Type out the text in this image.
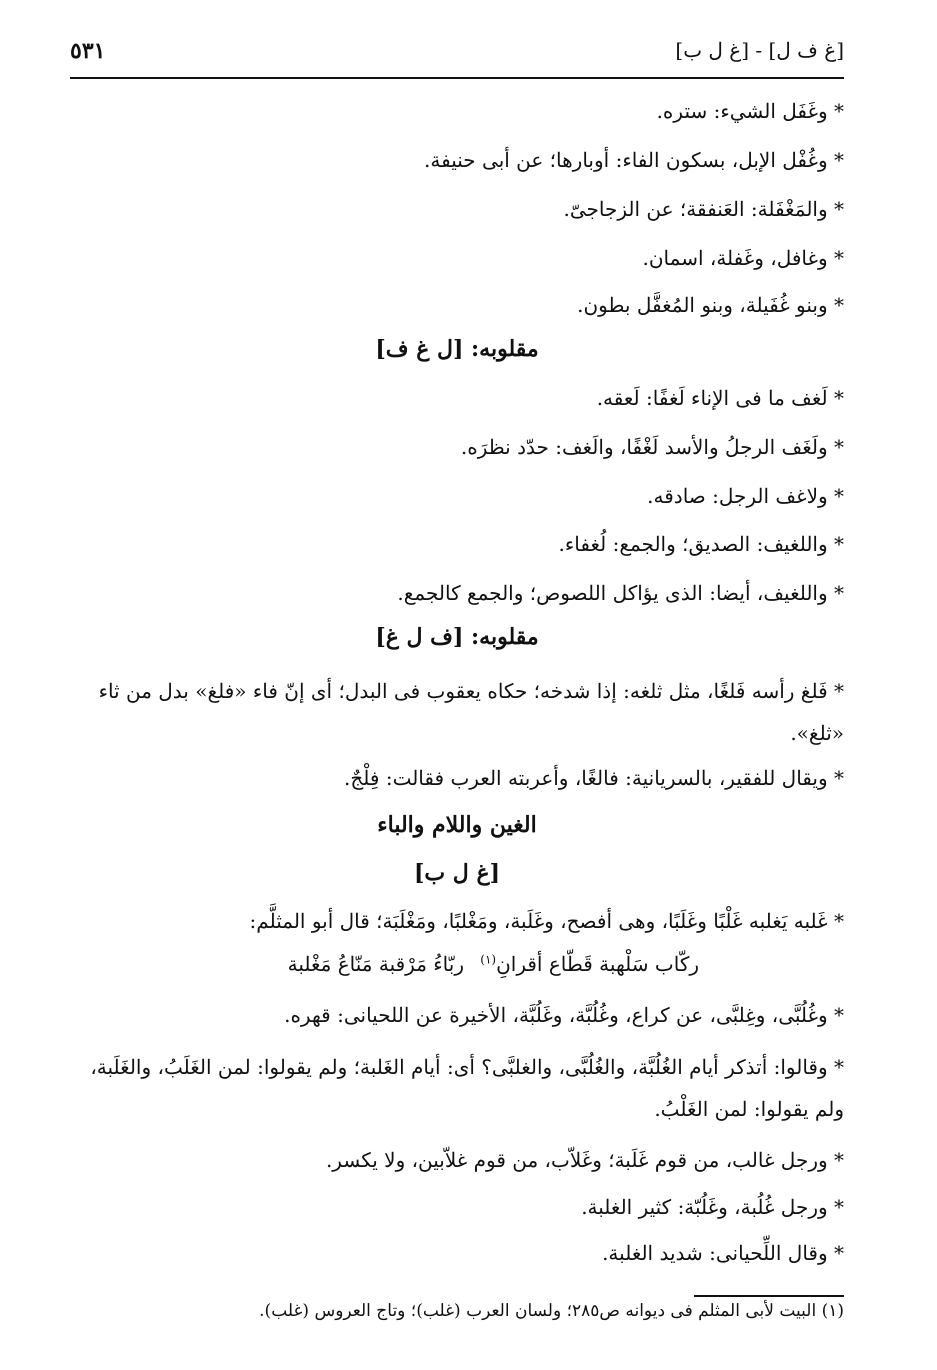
[غ ف ل] - [غ ل ب]
٥٣١
* وغَفَل الشيء: ستره.
* وغُفْل الإبل، بسكون الفاء: أوبارها؛ عن أبى حنيفة.
* والمَغْفَلة: العَنفقة؛ عن الزجاجىّ.
* وغافل، وغَفلة، اسمان.
* وبنو غُفَيلة، وبنو المُغفَّل بطون.
مقلوبه: [ل غ ف]
* لَغف ما فى الإناء لَغفًا: لَعقه.
* ولَغَف الرجلُ والأسد لَغْفًا، والَغف: حدّد نظرَه.
* ولاغف الرجل: صادقه.
* واللغيف: الصديق؛ والجمع: لُغفاء.
* واللغيف، أيضا: الذى يؤاكل اللصوص؛ والجمع كالجمع.
مقلوبه: [ف ل غ]
* فَلغ رأسه فَلغًا، مثل ثلغه: إذا شدخه؛ حكاه يعقوب فى البدل؛ أى إنّ فاء «فلغ» بدل من ثاء «ثلغ».
* ويقال للفقير، بالسريانية: فالغًا، وأعربته العرب فقالت: فِلْجٌ.
الغين واللام والباء
[غ ل ب]
* غَلبه يَغلبه غَلْبًا وغَلَبًا، وهى أفصح، وغَلَبة، ومَغْلبًا، ومَغْلَبَة؛ قال أبو المثلَّم:
ربّاءُ مَرْقبة مَنّاعُ مَغْلبة	ركّاب سَلْهبة قَطّاع أقرانِ$^{(١)}$
* وغُلُبَّى، وغِلبَّى، عن كراع، وغُلُبَّة، وغَلُبَّة، الأخيرة عن اللحيانى: قهره.
* وقالوا: أتذكر أيام الغُلُبَّة، والغُلُبَّى، والغلبَّى؟ أى: أيام الغَلبة؛ ولم يقولوا: لمن الغَلَبُ، والغَلَبة، ولم يقولوا: لمن الغَلْبُ.
* ورجل غالب، من قوم غَلَبة؛ وغَلاّب، من قوم غلاّبين، ولا يكسر.
* ورجل غُلُبة، وغَلُبّة: كثير الغلبة.
* وقال اللِّحيانى: شديد الغلبة.
(١) البيت لأبى المثلم فى ديوانه ص٢٨٥؛ ولسان العرب (غلب)؛ وتاج العروس (غلب).
